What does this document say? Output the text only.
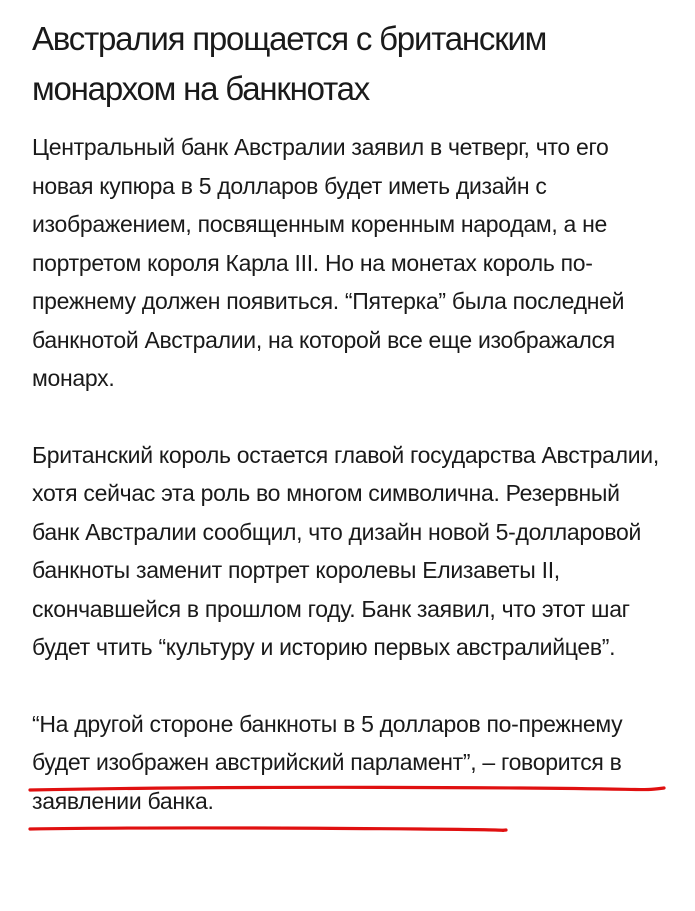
Австралия прощается с британским монархом на банкнотах

Центральный банк Австралии заявил в четверг, что его новая купюра в 5 долларов будет иметь дизайн с изображением, посвященным коренным народам, а не портретом короля Карла III. Но на монетах король по-прежнему должен появиться. “Пятерка” была последней банкнотой Австралии, на которой все еще изображался монарх.

Британский король остается главой государства Австралии, хотя сейчас эта роль во многом символична. Резервный банк Австралии сообщил, что дизайн новой 5-долларовой банкноты заменит портрет королевы Елизаветы II, скончавшейся в прошлом году. Банк заявил, что этот шаг будет чтить “культуру и историю первых австралийцев”.

“На другой стороне банкноты в 5 долларов по-прежнему будет изображен австрийский парламент”, – говорится в заявлении банка.
